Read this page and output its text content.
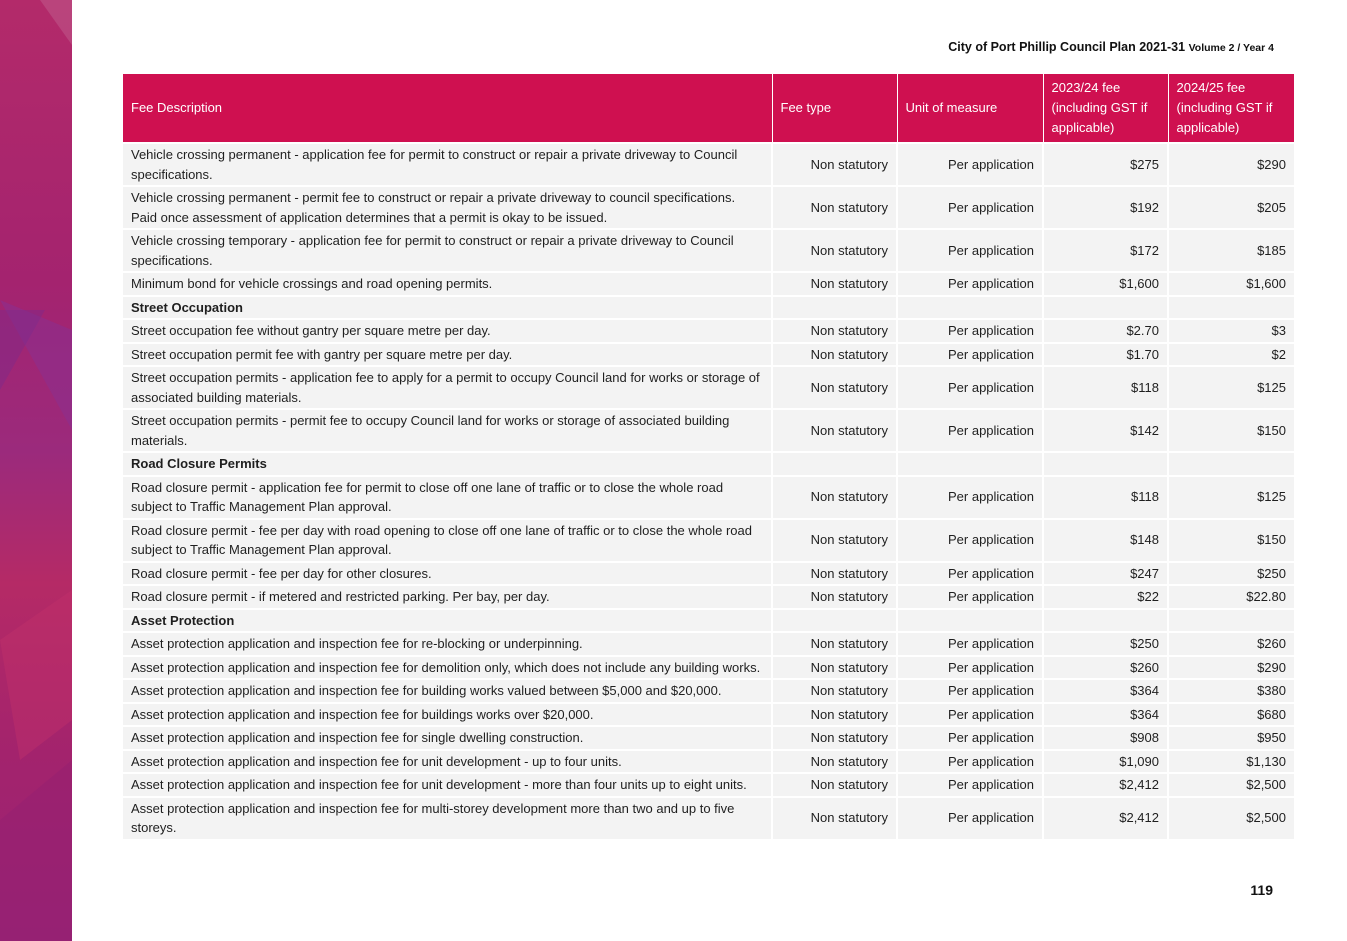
City of Port Phillip Council Plan 2021-31 Volume 2 / Year 4
Fee Description	Fee type	Unit of measure	2023/24 fee (including GST if applicable)	2024/25 fee (including GST if applicable)
Vehicle crossing permanent - application fee for permit to construct or repair a private driveway to Council specifications.	Non statutory	Per application	$275	$290
Vehicle crossing permanent - permit fee to construct or repair a private driveway to council specifications. Paid once assessment of application determines that a permit is okay to be issued.	Non statutory	Per application	$192	$205
Vehicle crossing temporary - application fee for permit to construct or repair a private driveway to Council specifications.	Non statutory	Per application	$172	$185
Minimum bond for vehicle crossings and road opening permits.	Non statutory	Per application	$1,600	$1,600
Street Occupation				
Street occupation fee without gantry per square metre per day.	Non statutory	Per application	$2.70	$3
Street occupation permit fee with gantry per square metre per day.	Non statutory	Per application	$1.70	$2
Street occupation permits - application fee to apply for a permit to occupy Council land for works or storage of associated building materials.	Non statutory	Per application	$118	$125
Street occupation permits - permit fee to occupy Council land for works or storage of associated building materials.	Non statutory	Per application	$142	$150
Road Closure Permits				
Road closure permit - application fee for permit to close off one lane of traffic or to close the whole road subject to Traffic Management Plan approval.	Non statutory	Per application	$118	$125
Road closure permit - fee per day with road opening to close off one lane of traffic or to close the whole road subject to Traffic Management Plan approval.	Non statutory	Per application	$148	$150
Road closure permit - fee per day for other closures.	Non statutory	Per application	$247	$250
Road closure permit - if metered and restricted parking. Per bay, per day.	Non statutory	Per application	$22	$22.80
Asset Protection				
Asset protection application and inspection fee for re-blocking or underpinning.	Non statutory	Per application	$250	$260
Asset protection application and inspection fee for demolition only, which does not include any building works.	Non statutory	Per application	$260	$290
Asset protection application and inspection fee for building works valued between $5,000 and $20,000.	Non statutory	Per application	$364	$380
Asset protection application and inspection fee for buildings works over $20,000.	Non statutory	Per application	$364	$680
Asset protection application and inspection fee for single dwelling construction.	Non statutory	Per application	$908	$950
Asset protection application and inspection fee for unit development - up to four units.	Non statutory	Per application	$1,090	$1,130
Asset protection application and inspection fee for unit development - more than four units up to eight units.	Non statutory	Per application	$2,412	$2,500
Asset protection application and inspection fee for multi-storey development more than two and up to five storeys.	Non statutory	Per application	$2,412	$2,500
119
